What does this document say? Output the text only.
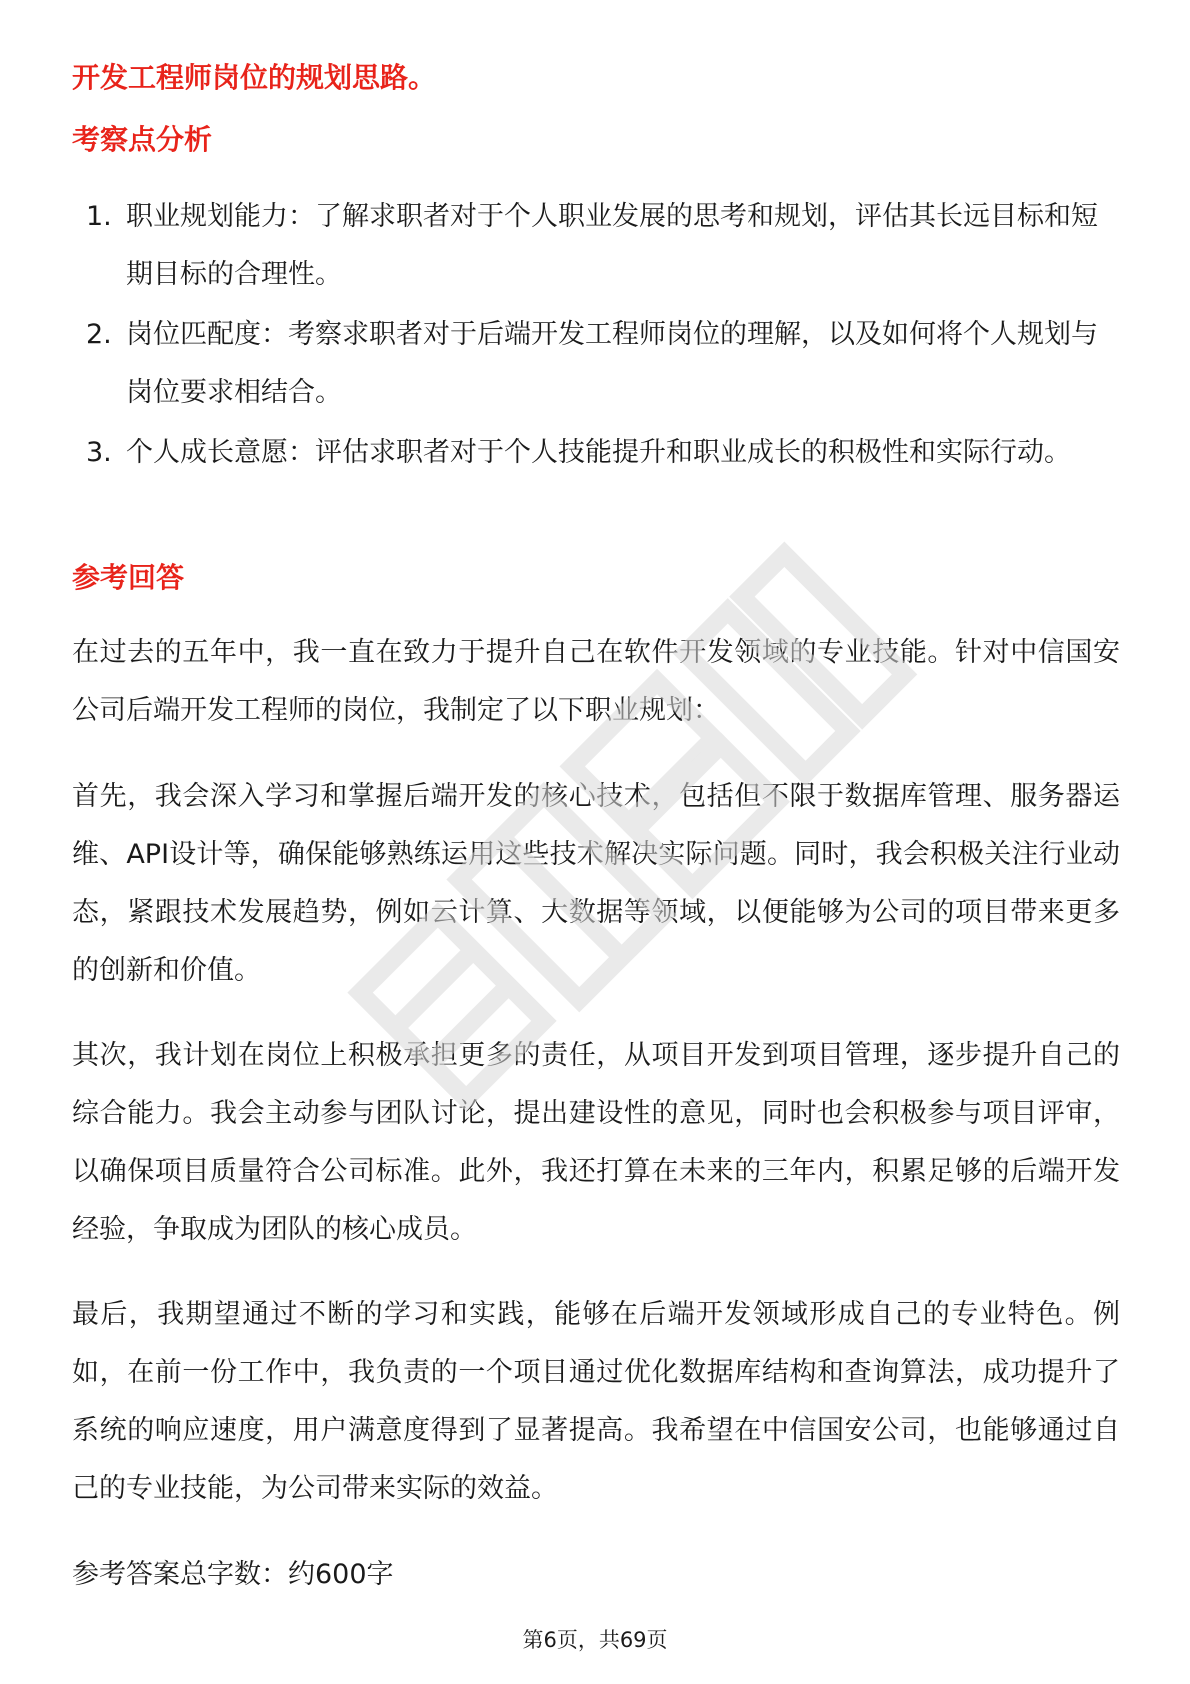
开发工程师岗位的规划思路。
考察点分析
1. 职业规划能力：了解求职者对于个人职业发展的思考和规划，评估其长远目标和短期目标的合理性。
2. 岗位匹配度：考察求职者对于后端开发工程师岗位的理解，以及如何将个人规划与岗位要求相结合。
3. 个人成长意愿：评估求职者对于个人技能提升和职业成长的积极性和实际行动。
参考回答

在过去的五年中，我一直在致力于提升自己在软件开发领域的专业技能。针对中信国安公司后端开发工程师的岗位，我制定了以下职业规划：

首先，我会深入学习和掌握后端开发的核心技术，包括但不限于数据库管理、服务器运维、API设计等，确保能够熟练运用这些技术解决实际问题。同时，我会积极关注行业动态，紧跟技术发展趋势，例如云计算、大数据等领域，以便能够为公司的项目带来更多的创新和价值。

其次，我计划在岗位上积极承担更多的责任，从项目开发到项目管理，逐步提升自己的综合能力。我会主动参与团队讨论，提出建设性的意见，同时也会积极参与项目评审，以确保项目质量符合公司标准。此外，我还打算在未来的三年内，积累足够的后端开发经验，争取成为团队的核心成员。

最后，我期望通过不断的学习和实践，能够在后端开发领域形成自己的专业特色。例如，在前一份工作中，我负责的一个项目通过优化数据库结构和查询算法，成功提升了系统的响应速度，用户满意度得到了显著提高。我希望在中信国安公司，也能够通过自己的专业技能，为公司带来实际的效益。

参考答案总字数：约600字

第6页，共69页
